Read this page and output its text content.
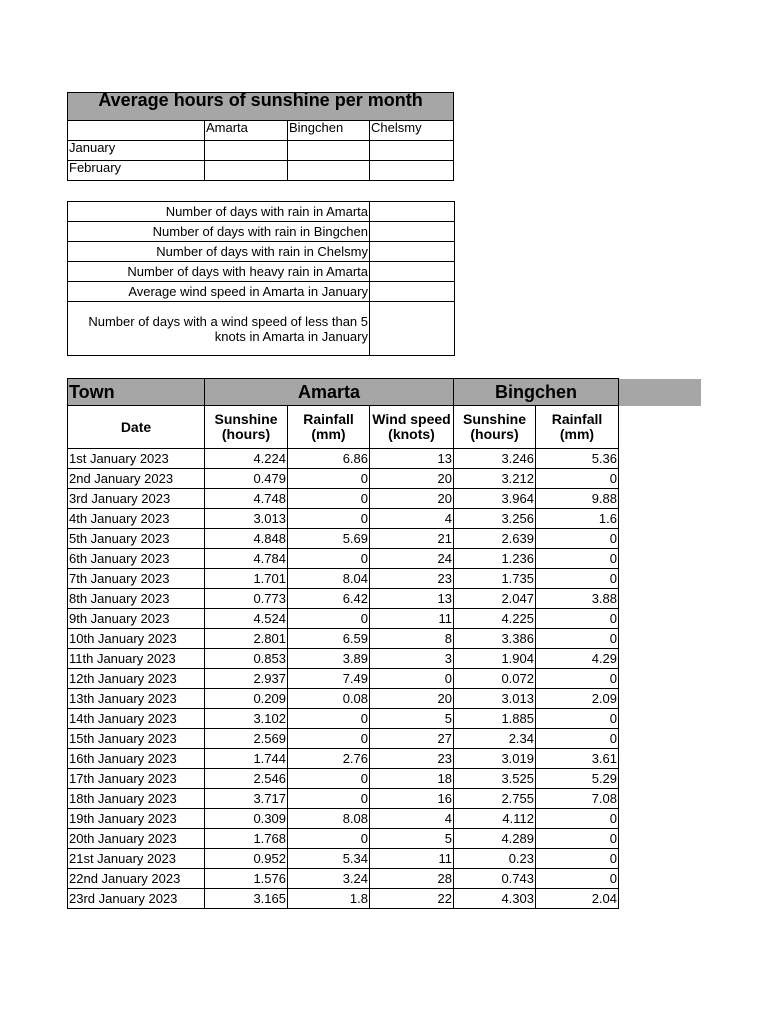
Average hours of sunshine per month			
	Amarta	Bingchen	Chelsmy
January			
February			
Number of days with rain in Amarta	
Number of days with rain in Bingchen	
Number of days with rain in Chelsmy	
Number of days with heavy rain in Amarta	
Average wind speed in Amarta in January	
Number of days with a wind speed of less than 5 knots in Amarta in January	
Town	Amarta			Bingchen		
Date	Sunshine (hours)	Rainfall (mm)	Wind speed (knots)	Sunshine (hours)	Rainfall (mm)	
1st January 2023	4.224	6.86	13	3.246	5.36	
2nd January 2023	0.479	0	20	3.212	0	
3rd January 2023	4.748	0	20	3.964	9.88	
4th January 2023	3.013	0	4	3.256	1.6	
5th January 2023	4.848	5.69	21	2.639	0	
6th January 2023	4.784	0	24	1.236	0	
7th January 2023	1.701	8.04	23	1.735	0	
8th January 2023	0.773	6.42	13	2.047	3.88	
9th January 2023	4.524	0	11	4.225	0	
10th January 2023	2.801	6.59	8	3.386	0	
11th January 2023	0.853	3.89	3	1.904	4.29	
12th January 2023	2.937	7.49	0	0.072	0	
13th January 2023	0.209	0.08	20	3.013	2.09	
14th January 2023	3.102	0	5	1.885	0	
15th January 2023	2.569	0	27	2.34	0	
16th January 2023	1.744	2.76	23	3.019	3.61	
17th January 2023	2.546	0	18	3.525	5.29	
18th January 2023	3.717	0	16	2.755	7.08	
19th January 2023	0.309	8.08	4	4.112	0	
20th January 2023	1.768	0	5	4.289	0	
21st January 2023	0.952	5.34	11	0.23	0	
22nd January 2023	1.576	3.24	28	0.743	0	
23rd January 2023	3.165	1.8	22	4.303	2.04	
